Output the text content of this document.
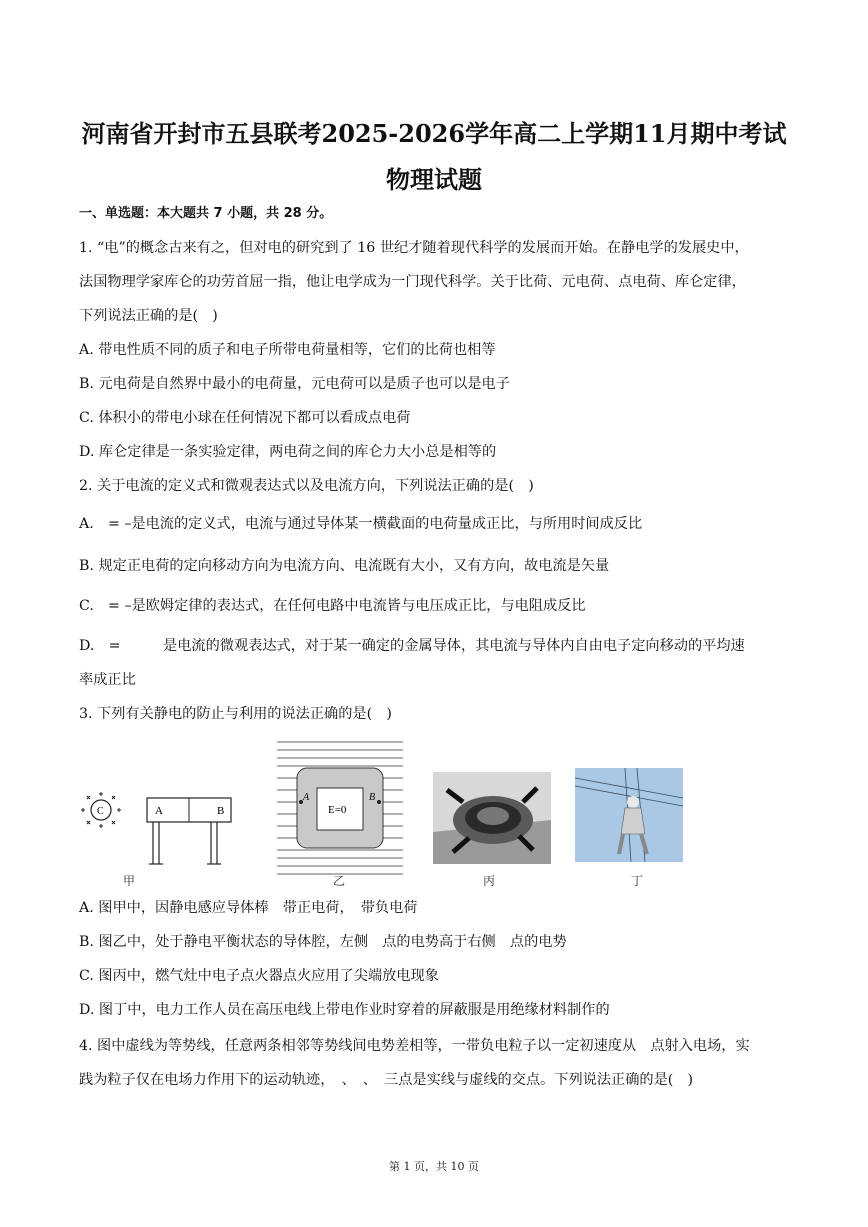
河南省开封市五县联考2025-2026学年高二上学期11月期中考试
物理试题
一、单选题：本大题共 7 小题，共 28 分。
1. “电”的概念古来有之，但对电的研究到了 16 世纪才随着现代科学的发展而开始。在静电学的发展史中，
法国物理学家库仑的功劳首屈一指，他让电学成为一门现代科学。关于比荷、元电荷、点电荷、库仑定律，
下列说法正确的是(　)
A. 带电性质不同的质子和电子所带电荷量相等，它们的比荷也相等
B. 元电荷是自然界中最小的电荷量，元电荷可以是质子也可以是电子
C. 体积小的带电小球在任何情况下都可以看成点电荷
D. 库仑定律是一条实验定律，两电荷之间的库仑力大小总是相等的
2. 关于电流的定义式和微观表达式以及电流方向，下列说法正确的是(　)
A.　= –是电流的定义式，电流与通过导体某一横截面的电荷量成正比，与所用时间成反比
B. 规定正电荷的定向移动方向为电流方向、电流既有大小，又有方向，故电流是矢量
C.　= –是欧姆定律的表达式，在任何电路中电流皆与电压成正比，与电阻成反比
D.　=　　　是电流的微观表达式，对于某一确定的金属导体，其电流与导体内自由电子定向移动的平均速
率成正比
3. 下列有关静电的防止与利用的说法正确的是(　)
C	A	B
甲
A	B
E=0
乙	丙	丁
A. 图甲中，因静电感应导体棒　带正电荷，　带负电荷
B. 图乙中，处于静电平衡状态的导体腔，左侧　点的电势高于右侧　点的电势
C. 图丙中，燃气灶中电子点火器点火应用了尖端放电现象
D. 图丁中，电力工作人员在高压电线上带电作业时穿着的屏蔽服是用绝缘材料制作的
4. 图中虚线为等势线，任意两条相邻等势线间电势差相等，一带负电粒子以一定初速度从　点射入电场，实
践为粒子仅在电场力作用下的运动轨迹，　、　、　三点是实线与虚线的交点。下列说法正确的是(　)
第 1 页，共 10 页
